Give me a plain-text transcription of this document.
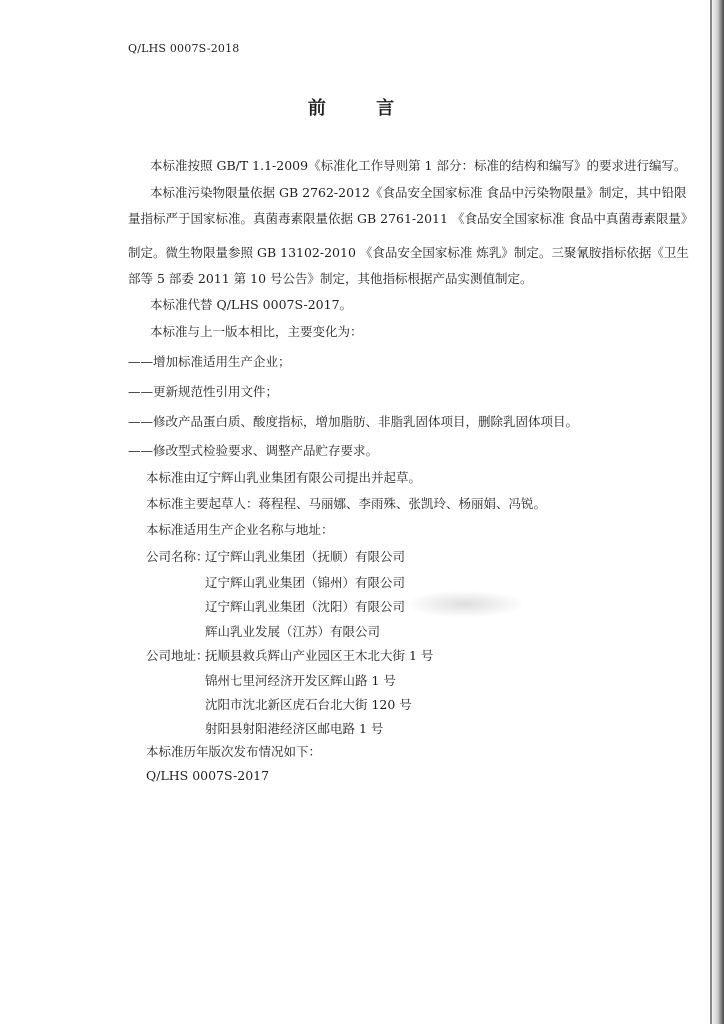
Q/LHS 0007S-2018
前 言
本标准按照 GB/T 1.1-2009《标准化工作导则第 1 部分：标准的结构和编写》的要求进行编写。
本标准污染物限量依据 GB 2762-2012《食品安全国家标准 食品中污染物限量》制定，其中铅限
量指标严于国家标准。真菌毒素限量依据 GB 2761-2011 《食品安全国家标准 食品中真菌毒素限量》
制定。微生物限量参照 GB 13102-2010 《食品安全国家标准 炼乳》制定。三聚氰胺指标依据《卫生
部等 5 部委 2011 第 10 号公告》制定，其他指标根据产品实测值制定。
本标准代替 Q/LHS 0007S-2017。
本标准与上一版本相比，主要变化为：
——增加标准适用生产企业；
——更新规范性引用文件；
——修改产品蛋白质、酸度指标，增加脂肪、非脂乳固体项目，删除乳固体项目。
——修改型式检验要求、调整产品贮存要求。
本标准由辽宁辉山乳业集团有限公司提出并起草。
本标准主要起草人：蒋程程、马丽娜、李雨殊、张凯玲、杨丽娟、冯锐。
本标准适用生产企业名称与地址：
公司名称：
辽宁辉山乳业集团（抚顺）有限公司
辽宁辉山乳业集团（锦州）有限公司
辽宁辉山乳业集团（沈阳）有限公司
辉山乳业发展（江苏）有限公司
公司地址：
抚顺县救兵辉山产业园区王木北大街 1 号
锦州七里河经济开发区辉山路 1 号
沈阳市沈北新区虎石台北大街 120 号
射阳县射阳港经济区邮电路 1 号
本标准历年版次发布情况如下：
Q/LHS 0007S-2017
